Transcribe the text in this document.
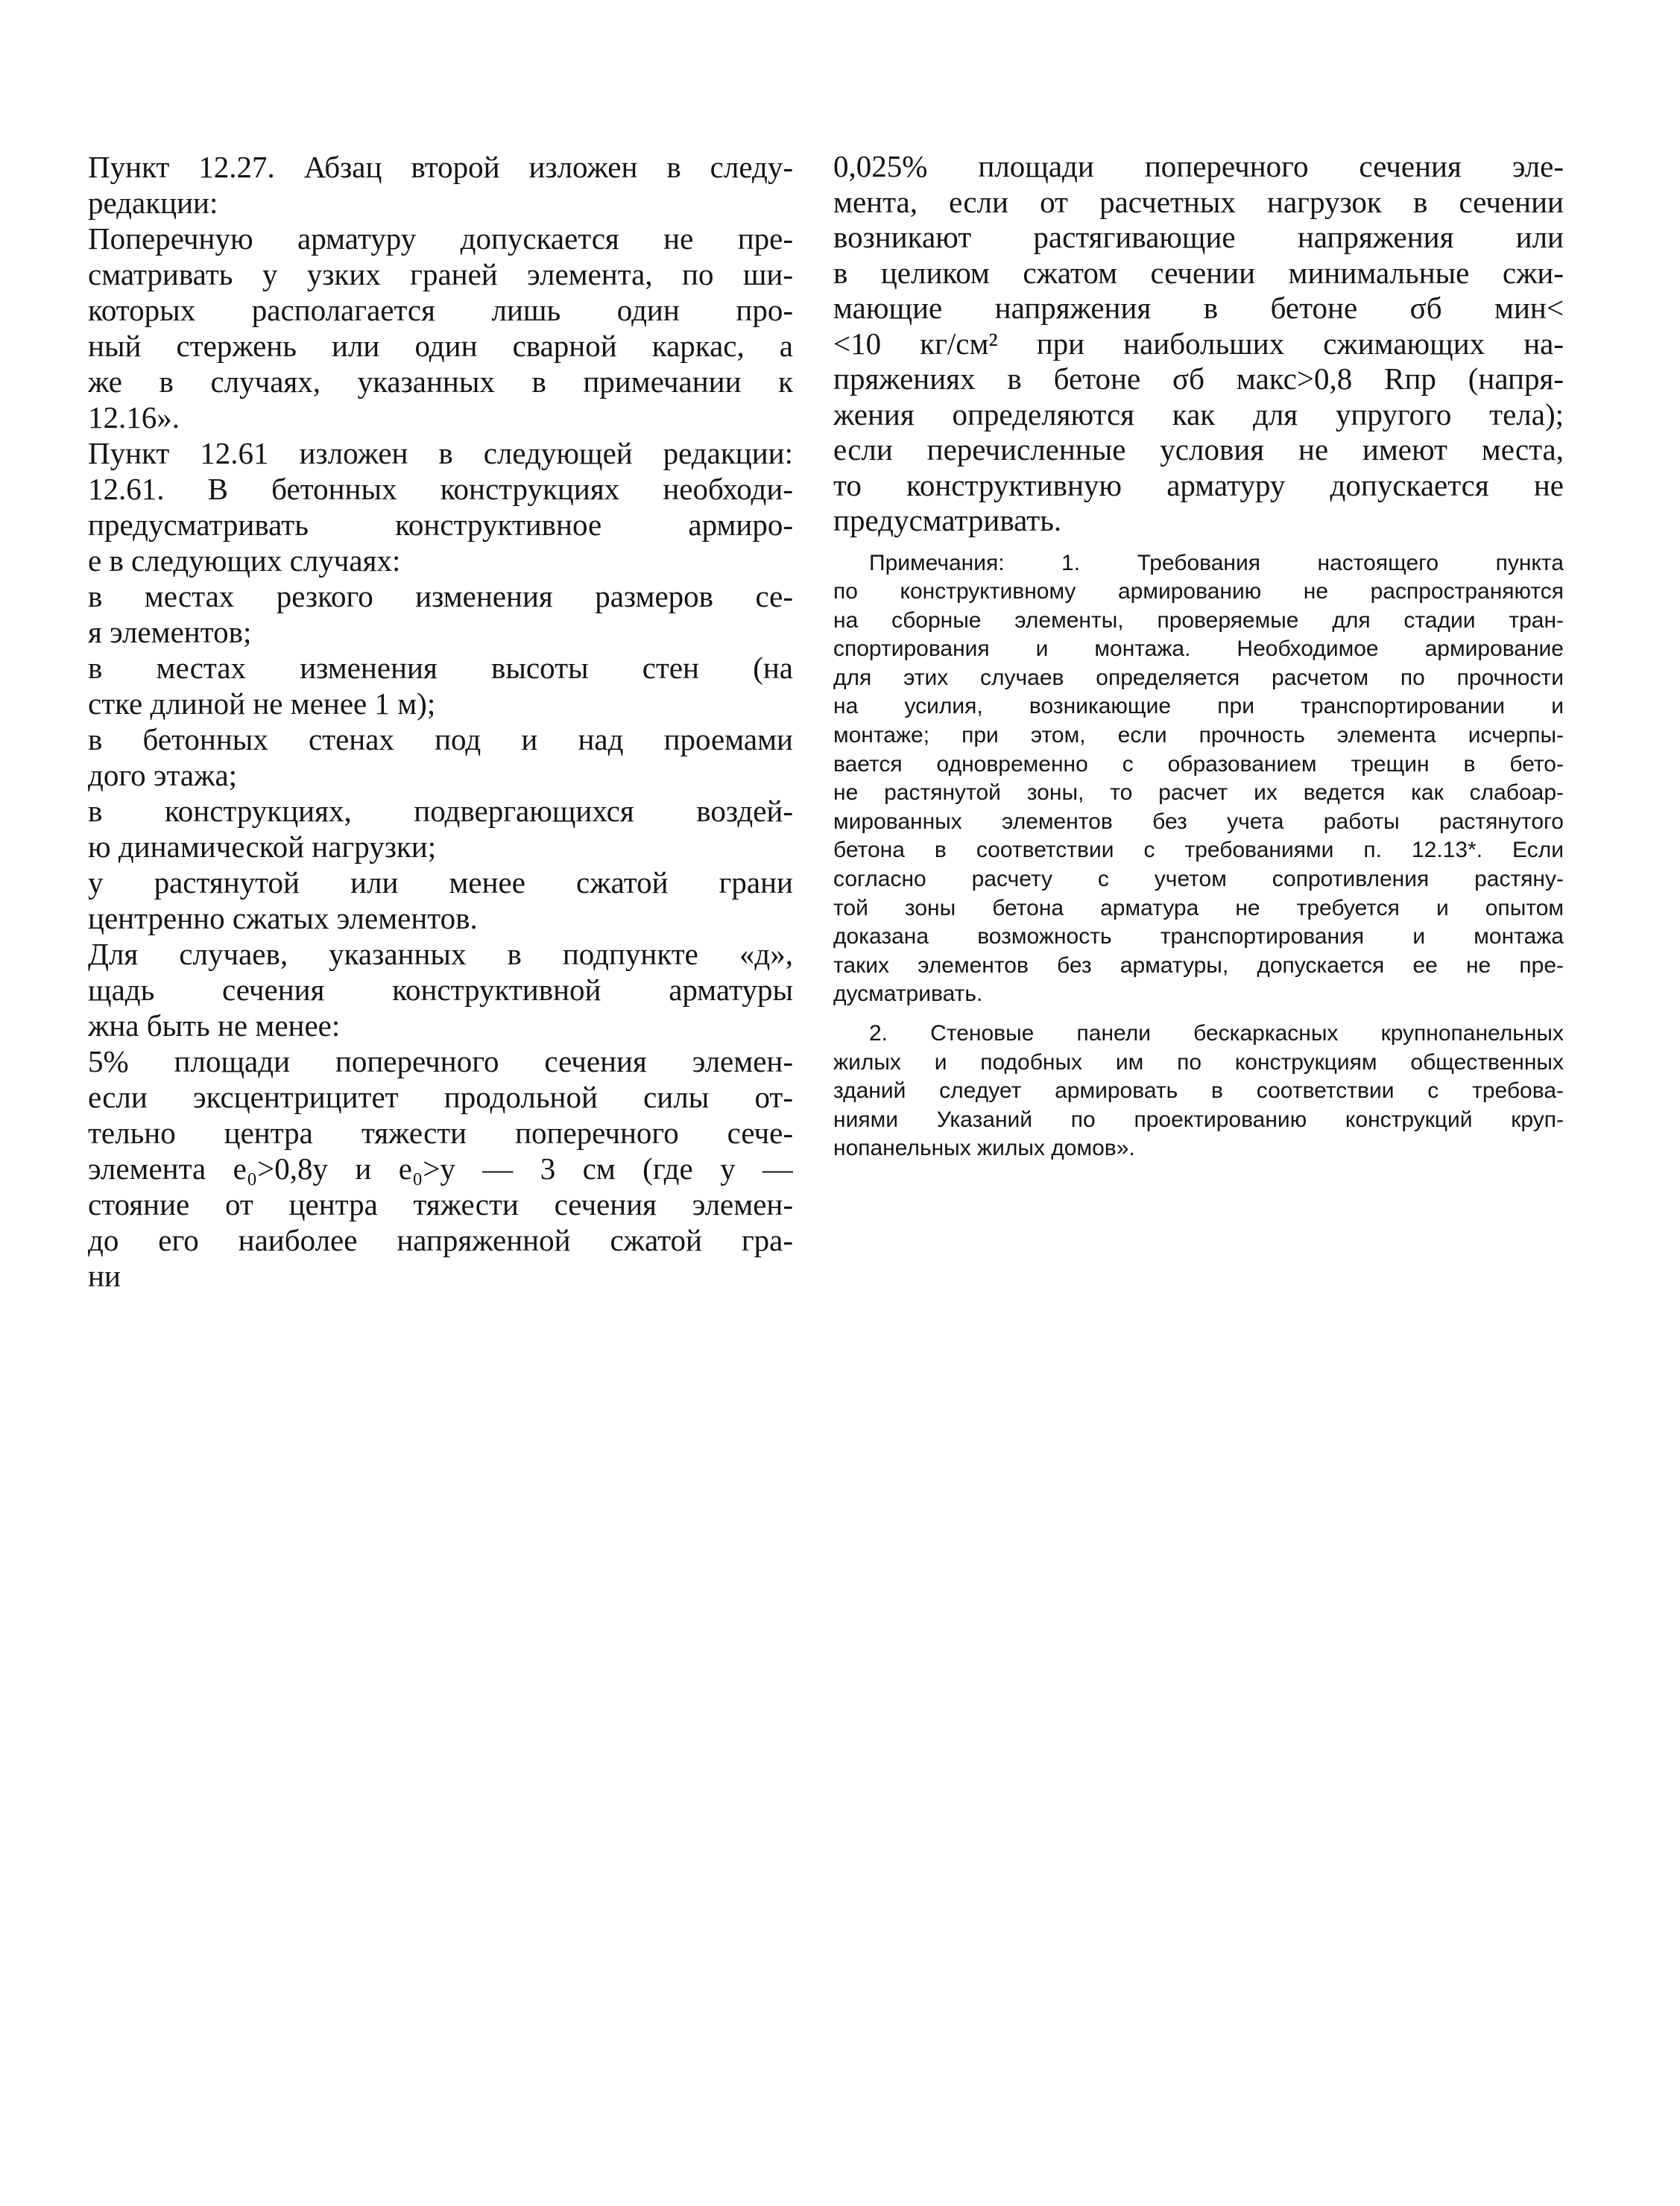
Пункт 12.27. Абзац второй изложен в следу-
редакции:
Поперечную арматуру допускается не пре-
сматривать у узких граней элемента, по ши-
которых располагается лишь один про-
ный стержень или один сварной каркас, а
же в случаях, указанных в примечании к
12.16».
Пункт 12.61 изложен в следующей редакции:
12.61. В бетонных конструкциях необходи-
предусматривать конструктивное армиро-
е в следующих случаях:
в местах резкого изменения размеров се-
я элементов;
в местах изменения высоты стен (на
стке длиной не менее 1 м);
в бетонных стенах под и над проемами
дого этажа;
в конструкциях, подвергающихся воздей-
ю динамической нагрузки;
у растянутой или менее сжатой грани
центренно сжатых элементов.
Для случаев, указанных в подпункте «д»,
щадь сечения конструктивной арматуры
жна быть не менее:
5% площади поперечного сечения элемен-
если эксцентрицитет продольной силы от-
тельно центра тяжести поперечного сече-
элемента e₀>0,8y и e₀>y — 3 см (где y —
стояние от центра тяжести сечения элемен-
до его наиболее напряженной сжатой гра-
ни
0,025% площади поперечного сечения эле-
мента, если от расчетных нагрузок в сечении
возникают растягивающие напряжения или
в целиком сжатом сечении минимальные сжи-
мающие напряжения в бетоне σб мин<
<10 кг/см² при наибольших сжимающих на-
пряжениях в бетоне σб макс>0,8 Rпр (напря-
жения определяются как для упругого тела);
если перечисленные условия не имеют места,
то конструктивную арматуру допускается не
предусматривать.
Примечания: 1. Требования настоящего пункта
по конструктивному армированию не распространяются
на сборные элементы, проверяемые для стадии тран-
спортирования и монтажа. Необходимое армирование
для этих случаев определяется расчетом по прочности
на усилия, возникающие при транспортировании и
монтаже; при этом, если прочность элемента исчерпы-
вается одновременно с образованием трещин в бето-
не растянутой зоны, то расчет их ведется как слабоар-
мированных элементов без учета работы растянутого
бетона в соответствии с требованиями п. 12.13*. Если
согласно расчету с учетом сопротивления растяну-
той зоны бетона арматура не требуется и опытом
доказана возможность транспортирования и монтажа
таких элементов без арматуры, допускается ее не пре-
дусматривать.
2. Стеновые панели бескаркасных крупнопанельных
жилых и подобных им по конструкциям общественных
зданий следует армировать в соответствии с требова-
ниями Указаний по проектированию конструкций круп-
нопанельных жилых домов».
